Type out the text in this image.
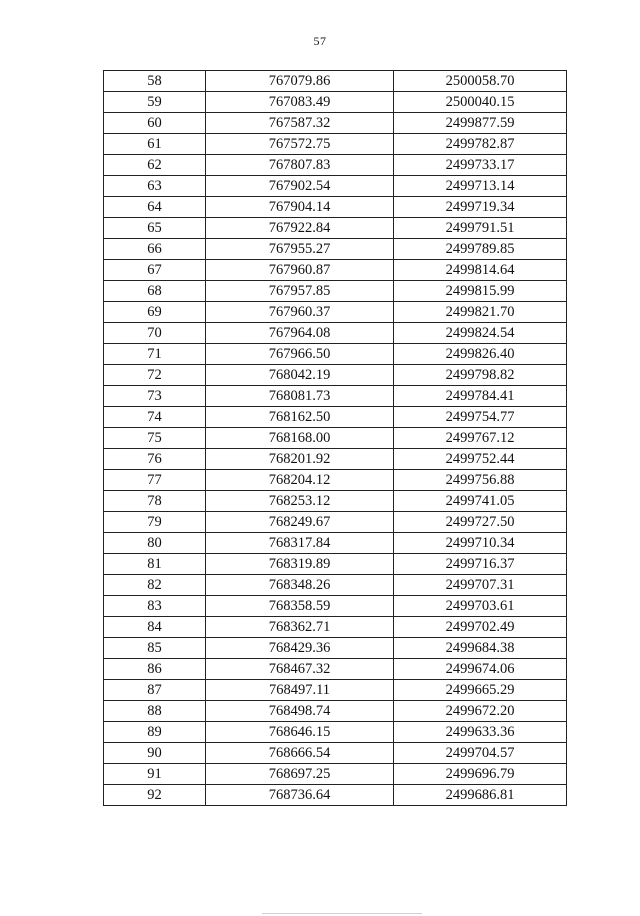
57
58	767079.86	2500058.70
59	767083.49	2500040.15
60	767587.32	2499877.59
61	767572.75	2499782.87
62	767807.83	2499733.17
63	767902.54	2499713.14
64	767904.14	2499719.34
65	767922.84	2499791.51
66	767955.27	2499789.85
67	767960.87	2499814.64
68	767957.85	2499815.99
69	767960.37	2499821.70
70	767964.08	2499824.54
71	767966.50	2499826.40
72	768042.19	2499798.82
73	768081.73	2499784.41
74	768162.50	2499754.77
75	768168.00	2499767.12
76	768201.92	2499752.44
77	768204.12	2499756.88
78	768253.12	2499741.05
79	768249.67	2499727.50
80	768317.84	2499710.34
81	768319.89	2499716.37
82	768348.26	2499707.31
83	768358.59	2499703.61
84	768362.71	2499702.49
85	768429.36	2499684.38
86	768467.32	2499674.06
87	768497.11	2499665.29
88	768498.74	2499672.20
89	768646.15	2499633.36
90	768666.54	2499704.57
91	768697.25	2499696.79
92	768736.64	2499686.81
